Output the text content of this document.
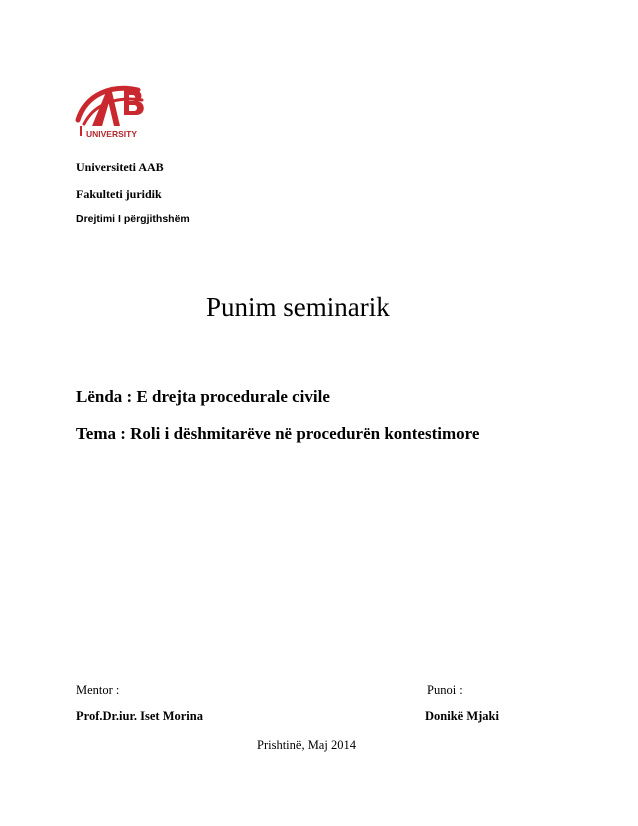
UNIVERSITY
Universiteti AAB
Fakulteti juridik
Drejtimi I përgjithshëm
Punim seminarik
Lënda : E drejta procedurale civile
Tema : Roli i dëshmitarëve në procedurën kontestimore
Mentor :	Punoi :
Prof.Dr.iur. Iset Morina	Donikë Mjaki
Prishtinë, Maj 2014
